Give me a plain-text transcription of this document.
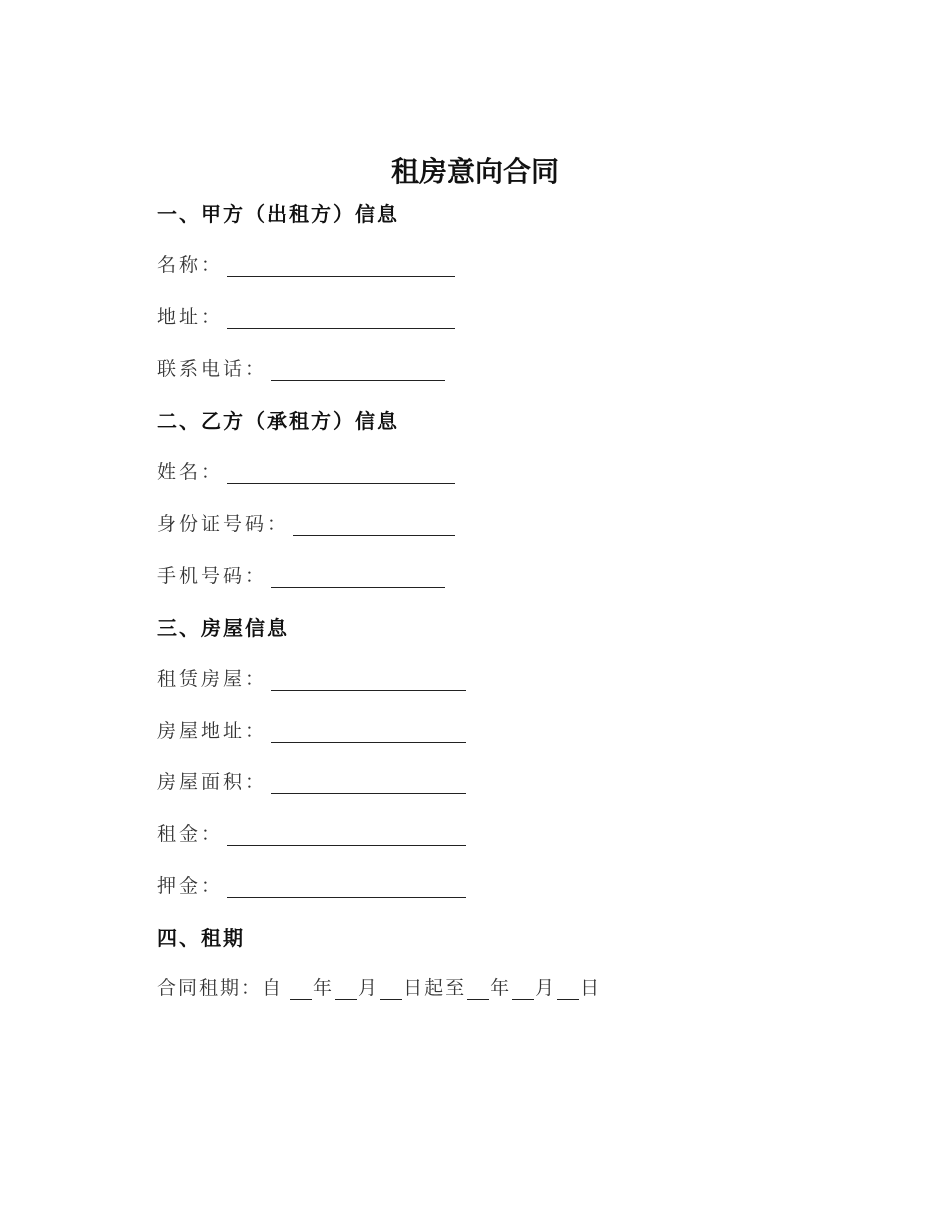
租房意向合同
一、甲方（出租方）信息
名称：
地址：
联系电话：
二、乙方（承租方）信息
姓名：
身份证号码：
手机号码：
三、房屋信息
租赁房屋：
房屋地址：
房屋面积：
租金：
押金：
四、租期
合同租期： 自 年 月 日起至 年 月 日
